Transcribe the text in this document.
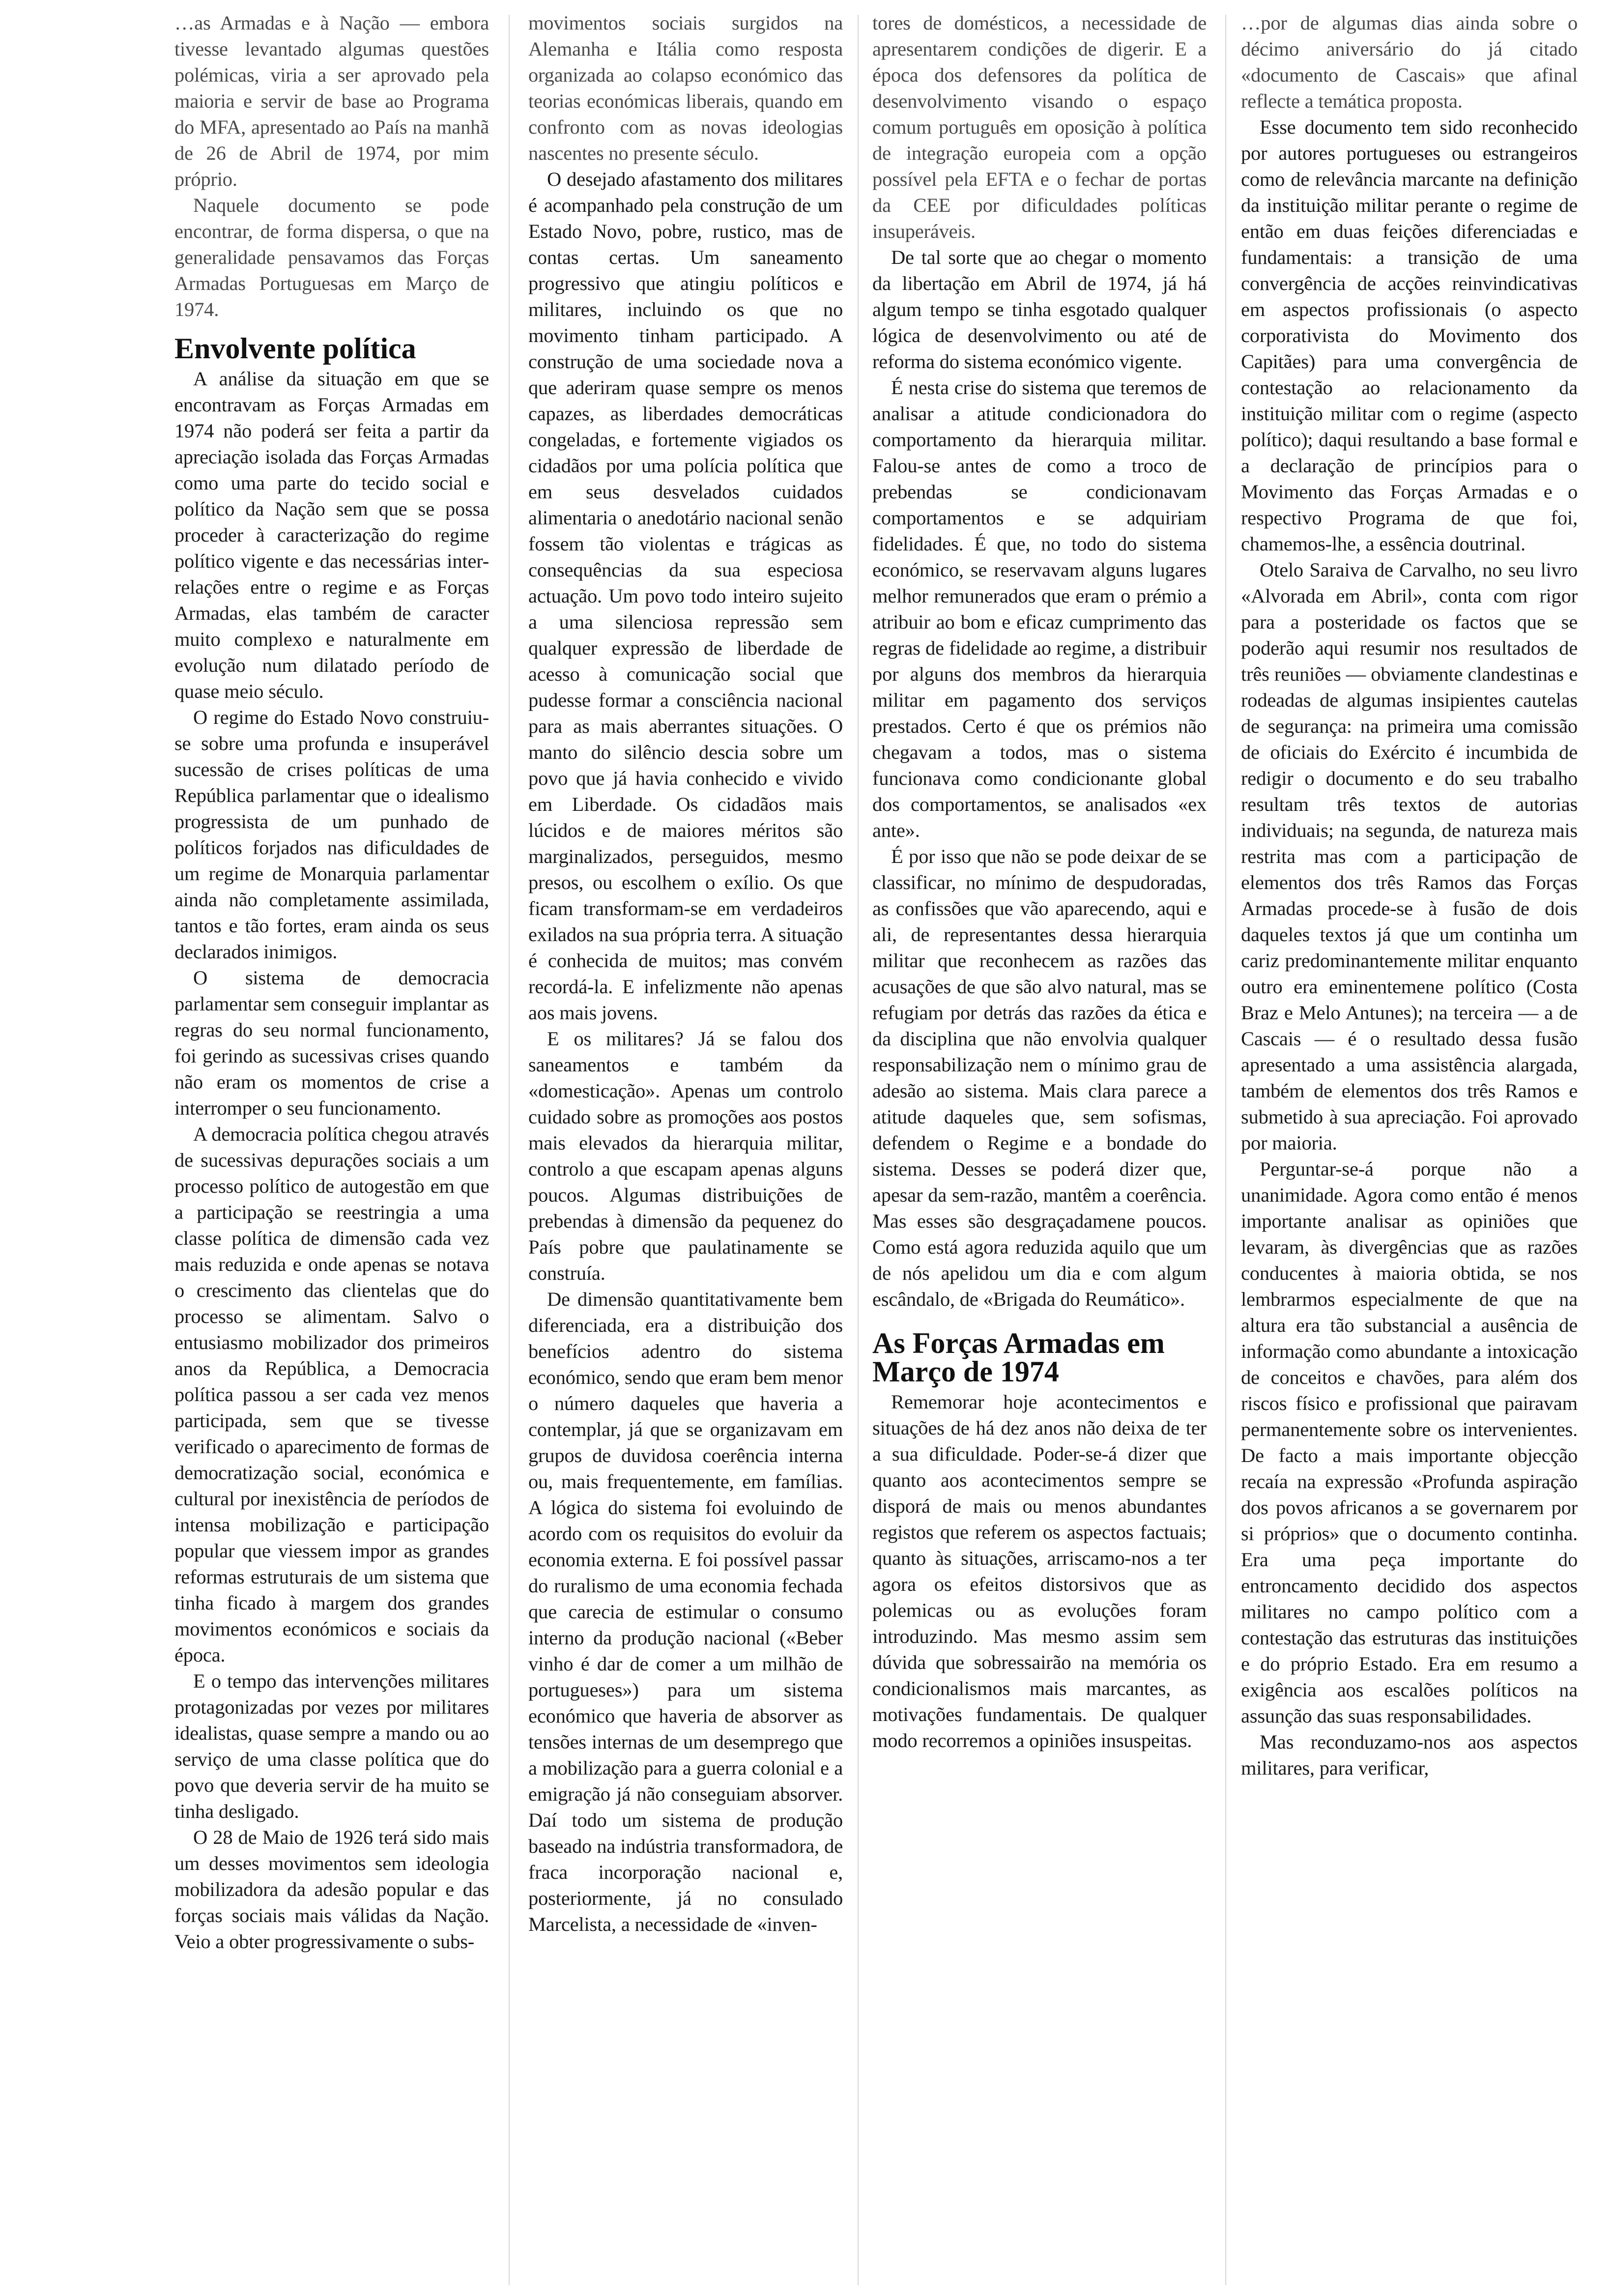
…as Armadas e à Nação — embora tivesse levantado algumas questões polémicas, viria a ser aprovado pela maioria e servir de base ao Programa do MFA, apresentado ao País na manhã de 26 de Abril de 1974, por mim próprio.

Naquele documento se pode encontrar, de forma dispersa, o que na generalidade pensavamos das Forças Armadas Portuguesas em Março de 1974.

Envolvente política

A análise da situação em que se encontravam as Forças Armadas em 1974 não poderá ser feita a partir da apreciação isolada das Forças Armadas como uma parte do tecido social e político da Nação sem que se possa proceder à caracterização do regime político vigente e das necessárias inter-relações entre o regime e as Forças Armadas, elas também de caracter muito complexo e naturalmente em evolução num dilatado período de quase meio século.

O regime do Estado Novo construiu-se sobre uma profunda e insuperável sucessão de crises políticas de uma República parlamentar que o idealismo progressista de um punhado de políticos forjados nas dificuldades de um regime de Monarquia parlamentar ainda não completamente assimilada, tantos e tão fortes, eram ainda os seus declarados inimigos.

O sistema de democracia parlamentar sem conseguir implantar as regras do seu normal funcionamento, foi gerindo as sucessivas crises quando não eram os momentos de crise a interromper o seu funcionamento.

A democracia política chegou através de sucessivas depurações sociais a um processo político de autogestão em que a participação se reestringia a uma classe política de dimensão cada vez mais reduzida e onde apenas se notava o crescimento das clientelas que do processo se alimentam. Salvo o entusiasmo mobilizador dos primeiros anos da República, a Democracia política passou a ser cada vez menos participada, sem que se tivesse verificado o aparecimento de formas de democratização social, económica e cultural por inexistência de períodos de intensa mobilização e participação popular que viessem impor as grandes reformas estruturais de um sistema que tinha ficado à margem dos grandes movimentos económicos e sociais da época.

E o tempo das intervenções militares protagonizadas por vezes por militares idealistas, quase sempre a mando ou ao serviço de uma classe política que do povo que deveria servir de ha muito se tinha desligado.

O 28 de Maio de 1926 terá sido mais um desses movimentos sem ideologia mobilizadora da adesão popular e das forças sociais mais válidas da Nação. Veio a obter progressivamente o subs-

movimentos sociais surgidos na Alemanha e Itália como resposta organizada ao colapso económico das teorias económicas liberais, quando em confronto com as novas ideologias nascentes no presente século.

O desejado afastamento dos militares é acompanhado pela construção de um Estado Novo, pobre, rustico, mas de contas certas. Um saneamento progressivo que atingiu políticos e militares, incluindo os que no movimento tinham participado. A construção de uma sociedade nova a que aderiram quase sempre os menos capazes, as liberdades democráticas congeladas, e fortemente vigiados os cidadãos por uma polícia política que em seus desvelados cuidados alimentaria o anedotário nacional senão fossem tão violentas e trágicas as consequências da sua especiosa actuação. Um povo todo inteiro sujeito a uma silenciosa repressão sem qualquer expressão de liberdade de acesso à comunicação social que pudesse formar a consciência nacional para as mais aberrantes situações. O manto do silêncio descia sobre um povo que já havia conhecido e vivido em Liberdade. Os cidadãos mais lúcidos e de maiores méritos são marginalizados, perseguidos, mesmo presos, ou escolhem o exílio. Os que ficam transformam-se em verdadeiros exilados na sua própria terra. A situação é conhecida de muitos; mas convém recordá-la. E infelizmente não apenas aos mais jovens.

E os militares? Já se falou dos saneamentos e também da «domesticação». Apenas um controlo cuidado sobre as promoções aos postos mais elevados da hierarquia militar, controlo a que escapam apenas alguns poucos. Algumas distribuições de prebendas à dimensão da pequenez do País pobre que paulatinamente se construía.

De dimensão quantitativamente bem diferenciada, era a distribuição dos benefícios adentro do sistema económico, sendo que eram bem menor o número daqueles que haveria a contemplar, já que se organizavam em grupos de duvidosa coerência interna ou, mais frequentemente, em famílias. A lógica do sistema foi evoluindo de acordo com os requisitos do evoluir da economia externa. E foi possível passar do ruralismo de uma economia fechada que carecia de estimular o consumo interno da produção nacional («Beber vinho é dar de comer a um milhão de portugueses») para um sistema económico que haveria de absorver as tensões internas de um desemprego que a mobilização para a guerra colonial e a emigração já não conseguiam absorver. Daí todo um sistema de produção baseado na indústria transformadora, de fraca incorporação nacional e, posteriormente, já no consulado Marcelista, a necessidade de «inven-

tores de domésticos, a necessidade de apresentarem condições de digerir. E a época dos defensores da política de desenvolvimento visando o espaço comum português em oposição à política de integração europeia com a opção possível pela EFTA e o fechar de portas da CEE por dificuldades políticas insuperáveis.

De tal sorte que ao chegar o momento da libertação em Abril de 1974, já há algum tempo se tinha esgotado qualquer lógica de desenvolvimento ou até de reforma do sistema económico vigente.

É nesta crise do sistema que teremos de analisar a atitude condicionadora do comportamento da hierarquia militar. Falou-se antes de como a troco de prebendas se condicionavam comportamentos e se adquiriam fidelidades. É que, no todo do sistema económico, se reservavam alguns lugares melhor remunerados que eram o prémio a atribuir ao bom e eficaz cumprimento das regras de fidelidade ao regime, a distribuir por alguns dos membros da hierarquia militar em pagamento dos serviços prestados. Certo é que os prémios não chegavam a todos, mas o sistema funcionava como condicionante global dos comportamentos, se analisados «ex ante».

É por isso que não se pode deixar de se classificar, no mínimo de despudoradas, as confissões que vão aparecendo, aqui e ali, de representantes dessa hierarquia militar que reconhecem as razões das acusações de que são alvo natural, mas se refugiam por detrás das razões da ética e da disciplina que não envolvia qualquer responsabilização nem o mínimo grau de adesão ao sistema. Mais clara parece a atitude daqueles que, sem sofismas, defendem o Regime e a bondade do sistema. Desses se poderá dizer que, apesar da sem-razão, mantêm a coerência. Mas esses são desgraçadamene poucos. Como está agora reduzida aquilo que um de nós apelidou um dia e com algum escândalo, de «Brigada do Reumático».

As Forças Armadas em Março de 1974

Rememorar hoje acontecimentos e situações de há dez anos não deixa de ter a sua dificuldade. Poder-se-á dizer que quanto aos acontecimentos sempre se disporá de mais ou menos abundantes registos que referem os aspectos factuais; quanto às situações, arriscamo-nos a ter agora os efeitos distorsivos que as polemicas ou as evoluções foram introduzindo. Mas mesmo assim sem dúvida que sobressairão na memória os condicionalismos mais marcantes, as motivações fundamentais. De qualquer modo recorremos a opiniões insuspeitas.

…por de algumas dias ainda sobre o décimo aniversário do já citado «documento de Cascais» que afinal reflecte a temática proposta.

Esse documento tem sido reconhecido por autores portugueses ou estrangeiros como de relevância marcante na definição da instituição militar perante o regime de então em duas feições diferenciadas e fundamentais: a transição de uma convergência de acções reinvindicativas em aspectos profissionais (o aspecto corporativista do Movimento dos Capitães) para uma convergência de contestação ao relacionamento da instituição militar com o regime (aspecto político); daqui resultando a base formal e a declaração de princípios para o Movimento das Forças Armadas e o respectivo Programa de que foi, chamemos-lhe, a essência doutrinal.

Otelo Saraiva de Carvalho, no seu livro «Alvorada em Abril», conta com rigor para a posteridade os factos que se poderão aqui resumir nos resultados de três reuniões — obviamente clandestinas e rodeadas de algumas insipientes cautelas de segurança: na primeira uma comissão de oficiais do Exército é incumbida de redigir o documento e do seu trabalho resultam três textos de autorias individuais; na segunda, de natureza mais restrita mas com a participação de elementos dos três Ramos das Forças Armadas procede-se à fusão de dois daqueles textos já que um continha um cariz predominantemente militar enquanto outro era eminentemene político (Costa Braz e Melo Antunes); na terceira — a de Cascais — é o resultado dessa fusão apresentado a uma assistência alargada, também de elementos dos três Ramos e submetido à sua apreciação. Foi aprovado por maioria.

Perguntar-se-á porque não a unanimidade. Agora como então é menos importante analisar as opiniões que levaram, às divergências que as razões conducentes à maioria obtida, se nos lembrarmos especialmente de que na altura era tão substancial a ausência de informação como abundante a intoxicação de conceitos e chavões, para além dos riscos físico e profissional que pairavam permanentemente sobre os intervenientes. De facto a mais importante objecção recaía na expressão «Profunda aspiração dos povos africanos a se governarem por si próprios» que o documento continha. Era uma peça importante do entroncamento decidido dos aspectos militares no campo político com a contestação das estruturas das instituições e do próprio Estado. Era em resumo a exigência aos escalões políticos na assunção das suas responsabilidades.

Mas reconduzamo-nos aos aspectos militares, para verificar,
